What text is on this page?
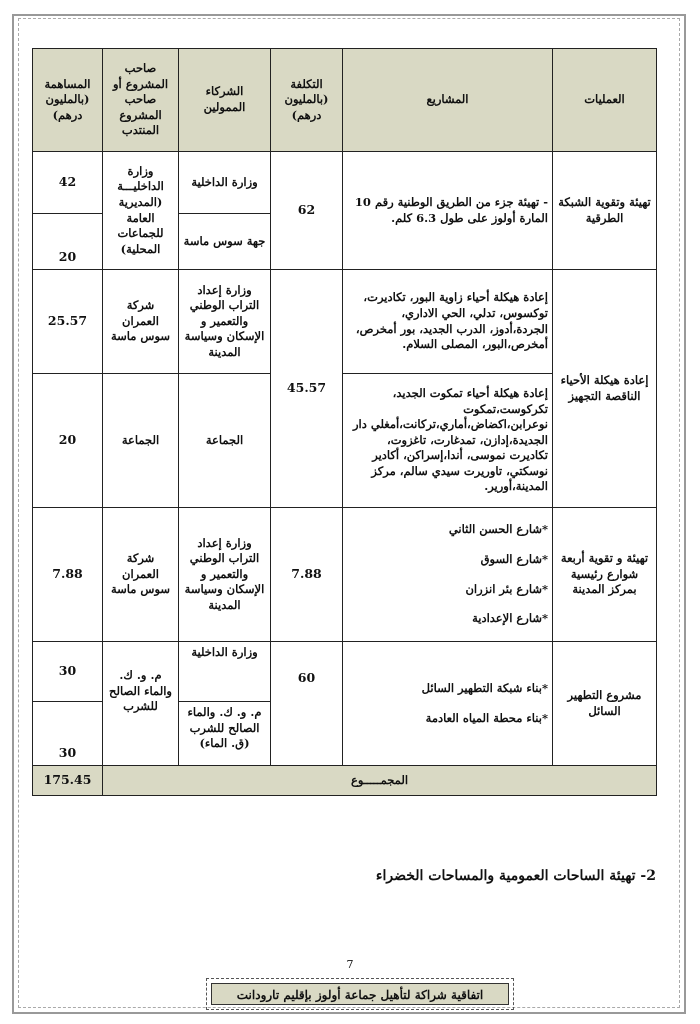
العمليات	المشاريع	التكلفة (بالمليون درهم)	الشركاء الممولين	صاحب المشروع أو صاحب المشروع المنتدب	المساهمة (بالمليون درهم)
تهيئة وتقوية الشبكة الطرقية	- تهيئة جزء من الطريق الوطنية رقم 10 المارة أولوز على طول 6.3 كلم.	62	وزارة الداخلية	وزارة الداخليـــة (المديرية العامة للجماعات المحلية)	42
			جهة سوس ماسة		20
إعادة هيكلة الأحياء الناقصة التجهيز	إعادة هيكلة أحياء زاوية البور، تكاديرت، توكسوس، تدلي، الحي الاداري، الجردة،أدوز، الدرب الجديد، بور أمخرص، أمخرص،البور، المصلى السلام.	45.57	وزارة إعداد التراب الوطني والتعمير و الإسكان وسياسة المدينة	شركة العمران سوس ماسة	25.57
	إعادة هيكلة أحياء تمكوت الجديد، تكركوست،تمكوت نوعرابن،اكضاض،أماري،تركانت،أمغلي دار الجديدة،إدازن، تمدغارت، تاغزوت، تكاديرت نموسى، أندا،إسراكن، أكادير نوسكتي، تاوريرت سيدي سالم، مركز المدينة،أورير.		الجماعة	الجماعة	20
تهيئة و تقوية أربعة شوارع رئيسية بمركز المدينة	*شارع الحسن الثاني

*شارع السوق

*شارع بئر انزران

*شارع الإعدادية	7.88	وزارة إعداد التراب الوطني والتعمير و الإسكان وسياسة المدينة	شركة العمران سوس ماسة	7.88
مشروع التطهير السائل	*بناء شبكة التطهير السائل

*بناء محطة المياه العادمة	60	وزارة الداخلية	م. و. ك. والماء الصالح للشرب	30
			م. و. ك. والماء الصالح للشرب (ق. الماء)		30
المجمـــــوع					175.45
2- تهيئة الساحات العمومية والمساحات الخضراء
7
اتفاقية شراكة لتأهيل جماعة أولوز بإقليم تارودانت
